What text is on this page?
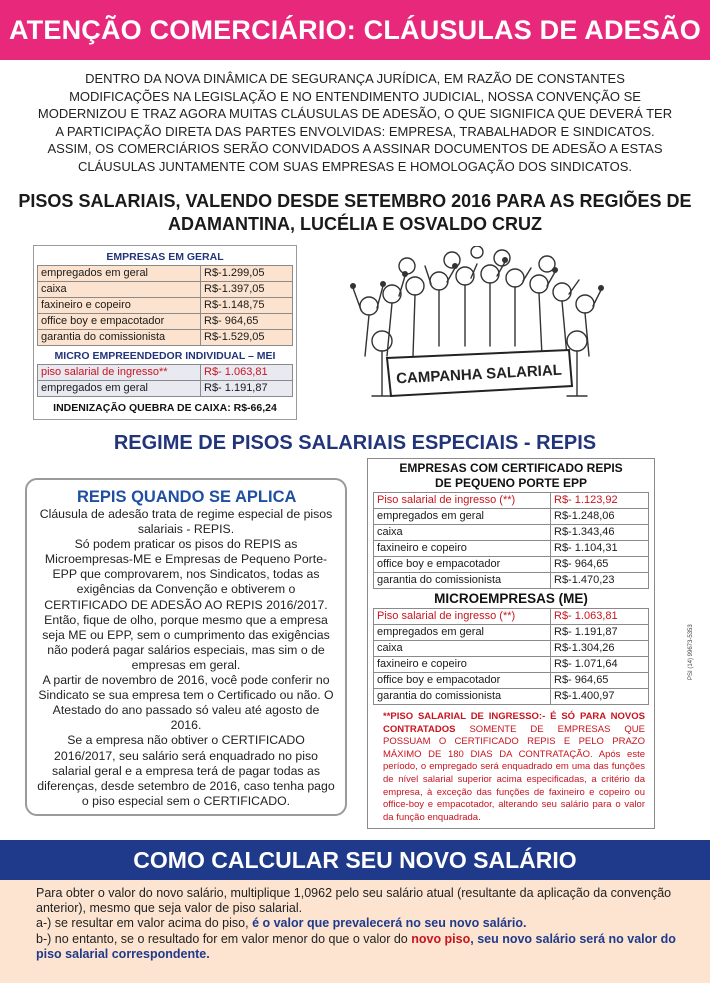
ATENÇÃO COMERCIÁRIO: CLÁUSULAS DE ADESÃO
DENTRO DA NOVA DINÂMICA DE SEGURANÇA JURÍDICA, EM RAZÃO DE CONSTANTES
MODIFICAÇÕES NA LEGISLAÇÃO E NO ENTENDIMENTO JUDICIAL, NOSSA CONVENÇÃO SE
MODERNIZOU E TRAZ AGORA MUITAS CLÁUSULAS DE ADESÃO, O QUE SIGNIFICA QUE DEVERÁ TER
A PARTICIPAÇÃO DIRETA DAS PARTES ENVOLVIDAS: EMPRESA, TRABALHADOR E SINDICATOS.
ASSIM, OS COMERCIÁRIOS SERÃO CONVIDADOS A ASSINAR DOCUMENTOS DE ADESÃO A ESTAS
CLÁUSULAS JUNTAMENTE COM SUAS EMPRESAS E HOMOLOGAÇÃO DOS SINDICATOS.
PISOS SALARIAIS, VALENDO DESDE SETEMBRO 2016 PARA AS REGIÕES DE
ADAMANTINA, LUCÉLIA E OSVALDO CRUZ
EMPRESAS EM GERAL
empregados em geral	R$-1.299,05
caixa	R$-1.397,05
faxineiro e copeiro	R$-1.148,75
office boy e empacotador	R$- 964,65
garantia do comissionista	R$-1.529,05
MICRO EMPREENDEDOR INDIVIDUAL – MEI
piso salarial de ingresso**	R$- 1.063,81
empregados em geral	R$- 1.191,87
INDENIZAÇÃO QUEBRA DE CAIXA: R$-66,24
CAMPANHA SALARIAL
REGIME DE PISOS SALARIAIS ESPECIAIS - REPIS
REPIS QUANDO SE APLICA

Cláusula de adesão trata de regime especial de pisos salariais - REPIS.

Só podem praticar os pisos do REPIS as Microempresas-ME e Empresas de Pequeno Porte-EPP que comprovarem, nos Sindicatos, todas as exigências da Convenção e obtiverem o CERTIFICADO DE ADESÃO AO REPIS 2016/2017.

Então, fique de olho, porque mesmo que a empresa seja ME ou EPP, sem o cumprimento das exigências não poderá pagar salários especiais, mas sim o de empresas em geral.

A partir de novembro de 2016, você pode conferir no Sindicato se sua empresa tem o Certificado ou não. O Atestado do ano passado só valeu até agosto de 2016.

Se a empresa não obtiver o CERTIFICADO 2016/2017, seu salário será enquadrado no piso salarial geral e a empresa terá de pagar todas as diferenças, desde setembro de 2016, caso tenha pago o piso especial sem o CERTIFICADO.

EMPRESAS COM CERTIFICADO REPIS
DE PEQUENO PORTE EPP
Piso salarial de ingresso (**)	R$- 1.123,92
empregados em geral	R$-1.248,06
caixa	R$-1.343,46
faxineiro e copeiro	R$- 1.104,31
office boy e empacotador	R$- 964,65
garantia do comissionista	R$-1.470,23
MICROEMPRESAS (ME)
Piso salarial de ingresso (**)	R$- 1.063,81
empregados em geral	R$- 1.191,87
caixa	R$-1.304,26
faxineiro e copeiro	R$- 1.071,64
office boy e empacotador	R$- 964,65
garantia do comissionista	R$-1.400,97
**PISO SALARIAL DE INGRESSO:- É SÓ PARA NOVOS CONTRATADOS SOMENTE DE EMPRESAS QUE POSSUAM O CERTIFICADO REPIS E PELO PRAZO MÁXIMO DE 180 DIAS DA CONTRATAÇÃO. Após este período, o empregado será enquadrado em uma das funções de nível salarial superior acima especificadas, a critério da empresa, à exceção das funções de faxineiro e copeiro ou office-boy e empacotador, alterando seu salário para o valor da função enquadrada.
PSI (14) 99673-5353
COMO CALCULAR SEU NOVO SALÁRIO

Para obter o valor do novo salário, multiplique 1,0962 pelo seu salário atual (resultante da aplicação da convenção anterior), mesmo que seja valor de piso salarial.

a-) se resultar em valor acima do piso, é o valor que prevalecerá no seu novo salário.

b-) no entanto, se o resultado for em valor menor do que o valor do novo piso, seu novo salário será no valor do piso salarial correspondente.
